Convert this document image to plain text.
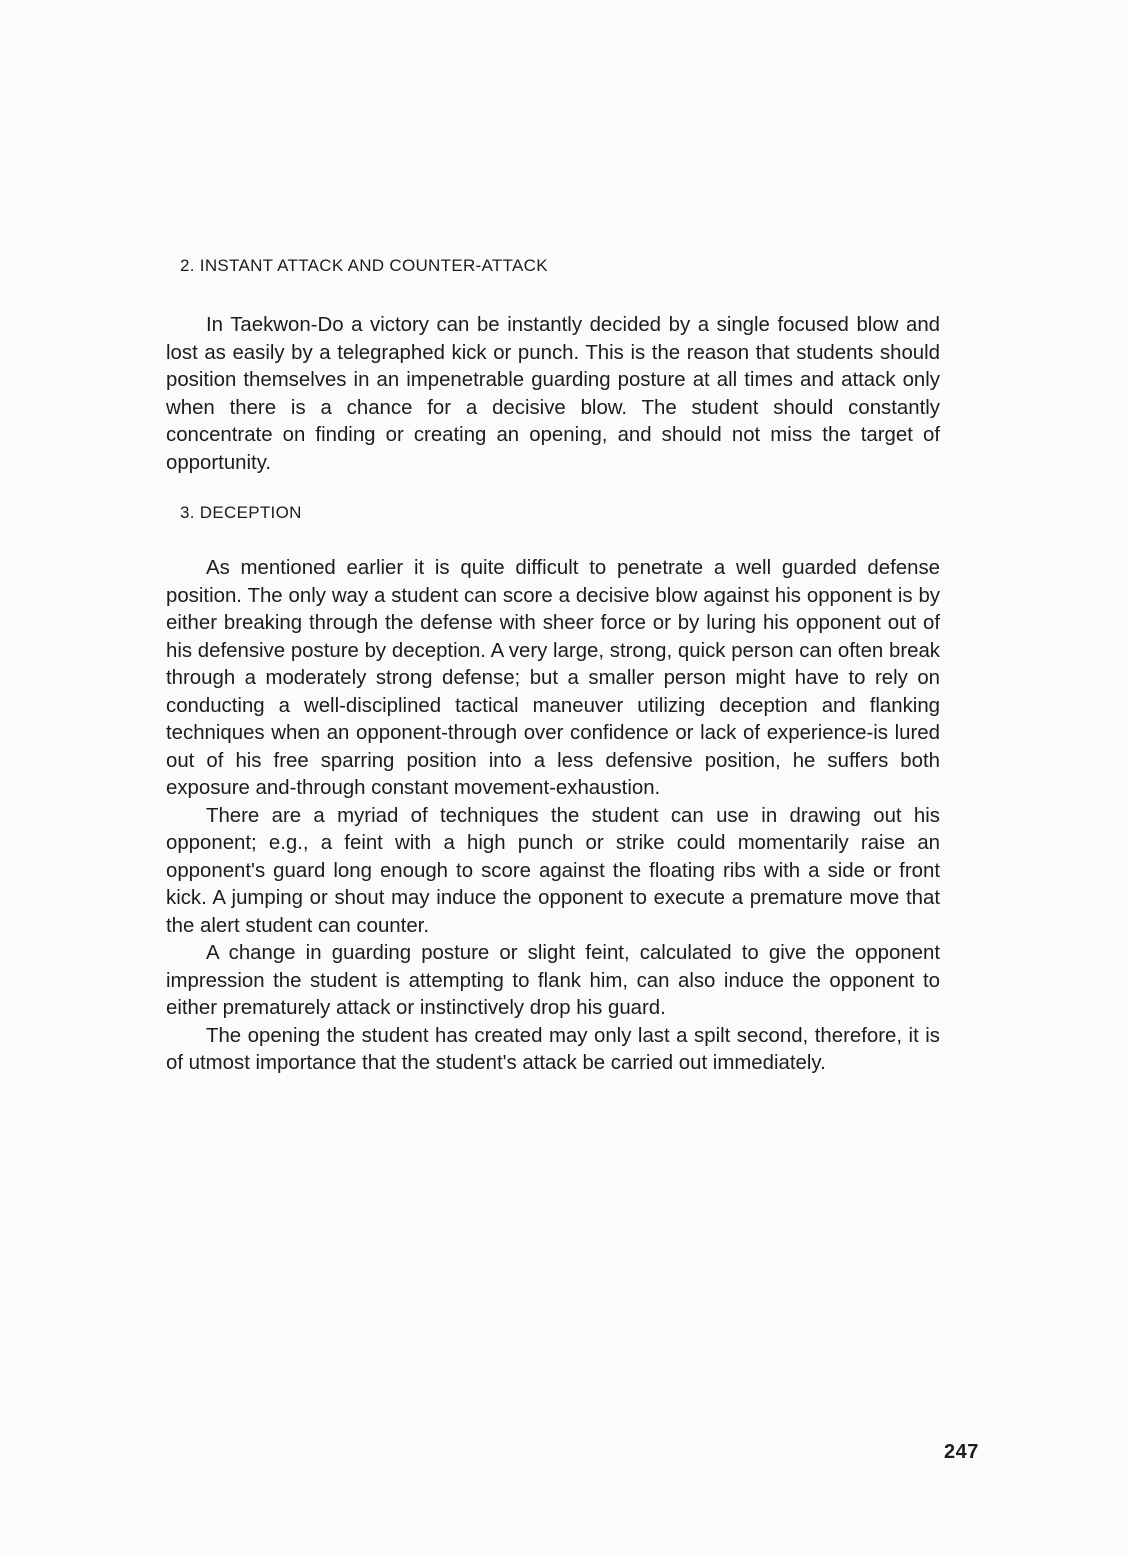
2. INSTANT ATTACK AND COUNTER-ATTACK

In Taekwon-Do a victory can be instantly decided by a single focused blow and lost as easily by a telegraphed kick or punch. This is the reason that students should position themselves in an impenetrable guarding posture at all times and attack only when there is a chance for a decisive blow. The student should constantly concentrate on finding or creating an opening, and should not miss the target of opportunity.

3. DECEPTION

As mentioned earlier it is quite difficult to penetrate a well guarded defense position. The only way a student can score a decisive blow against his opponent is by either breaking through the defense with sheer force or by luring his opponent out of his defensive posture by deception. A very large, strong, quick person can often break through a moderately strong defense; but a smaller person might have to rely on conducting a well-disciplined tactical maneuver utilizing deception and flanking techniques when an opponent-through over confidence or lack of experience-is lured out of his free sparring position into a less defensive position, he suffers both exposure and-through constant movement-exhaustion.

There are a myriad of techniques the student can use in drawing out his opponent; e.g., a feint with a high punch or strike could momentarily raise an opponent's guard long enough to score against the floating ribs with a side or front kick. A jumping or shout may induce the opponent to execute a premature move that the alert student can counter.

A change in guarding posture or slight feint, calculated to give the opponent impression the student is attempting to flank him, can also induce the opponent to either prematurely attack or instinctively drop his guard.

The opening the student has created may only last a spilt second, therefore, it is of utmost importance that the student's attack be carried out immediately.

247
